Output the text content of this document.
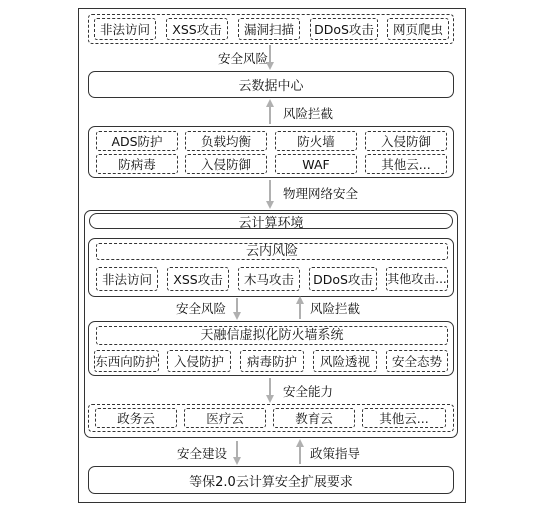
非法访问	XSS攻击	漏洞扫描	DDoS攻击	网页爬虫
安全风险
云数据中心
风险拦截
ADS防护	负载均衡	防火墙	入侵防御
防病毒	入侵防御	WAF	其他云...
物理网络安全
云计算环境
云内风险
非法访问	XSS攻击	木马攻击	DDoS攻击	其他攻击...
安全风险	风险拦截
天融信虚拟化防火墙系统
东西向防护	入侵防护	病毒防护	风险透视	安全态势
安全能力
政务云	医疗云	教育云	其他云...
安全建设	政策指导
等保2.0云计算安全扩展要求
